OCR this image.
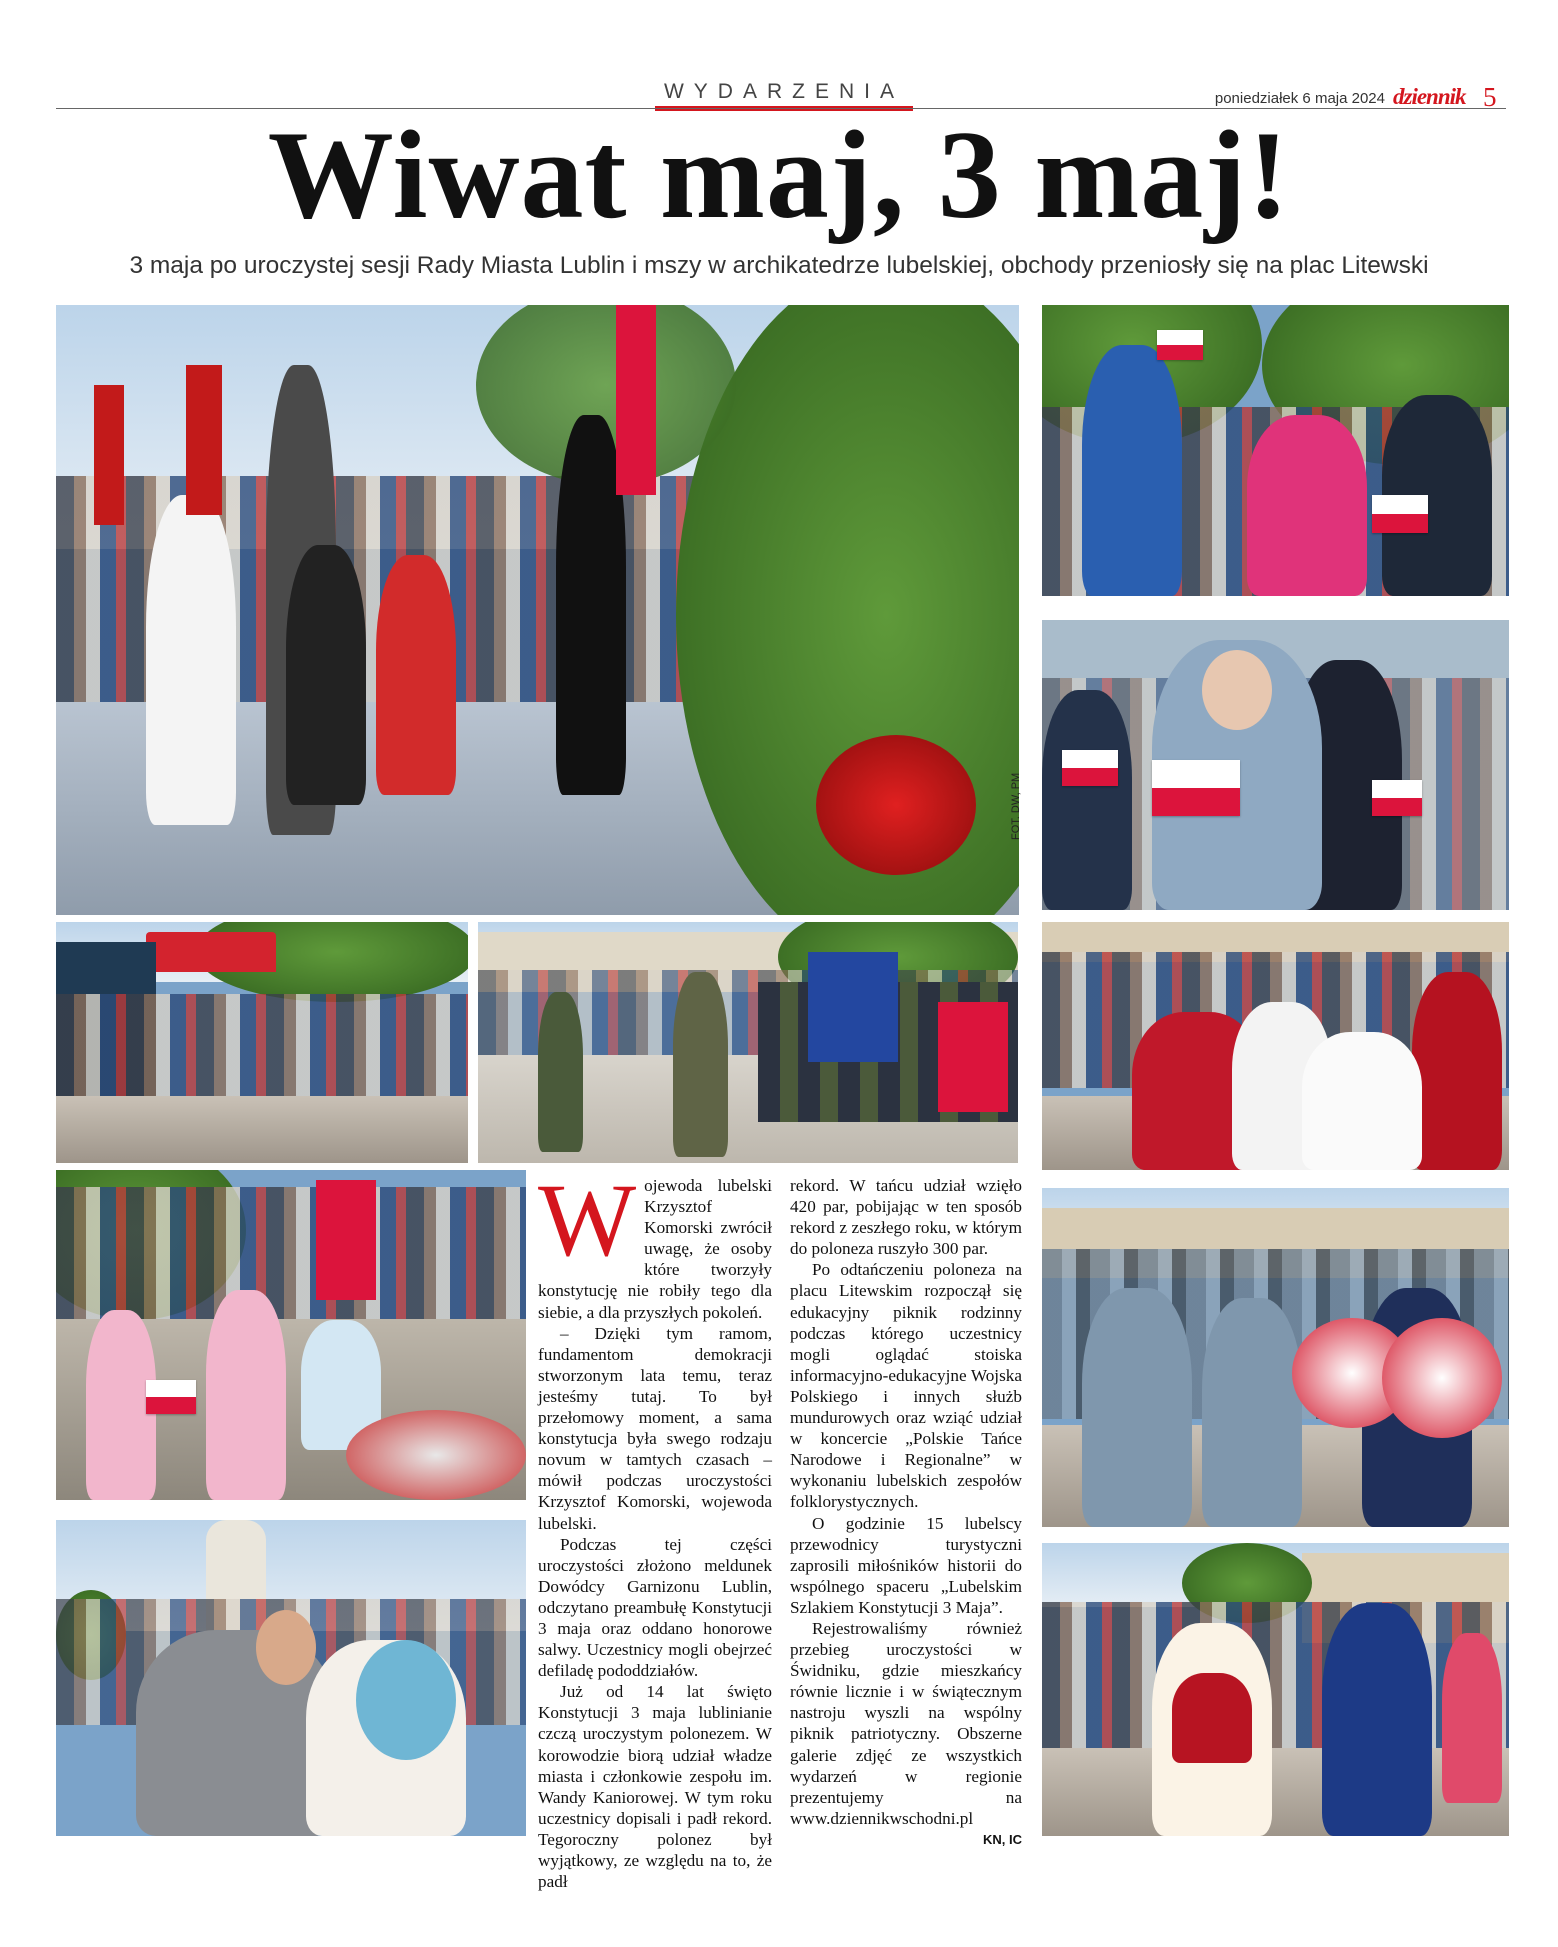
WYDARZENIA	poniedziałek 6 maja 2024 dziennik 5
Wiwat maj, 3 maj!
3 maja po uroczystej sesji Rady Miasta Lublin i mszy w archikatedrze lubelskiej, obchody przeniosły się na plac Litewski
FOT. DW, PM
W ojewoda lubelski Krzysztof Komorski zwrócił uwagę, że osoby które tworzyły konstytucję nie robiły tego dla siebie, a dla przyszłych pokoleń.

– Dzięki tym ramom, fundamentom demokracji stworzonym lata temu, teraz jesteśmy tutaj. To był przełomowy moment, a sama konstytucja była swego rodzaju novum w tamtych czasach – mówił podczas uroczystości Krzysztof Komorski, wojewoda lubelski.

Podczas tej części uroczystości złożono meldunek Dowódcy Garnizonu Lublin, odczytano preambułę Konstytucji 3 maja oraz oddano honorowe salwy. Uczestnicy mogli obejrzeć defiladę pododdziałów.

Już od 14 lat święto Konstytucji 3 maja lublinianie czczą uroczystym polonezem. W korowodzie biorą udział władze miasta i członkowie zespołu im. Wandy Kaniorowej. W tym roku uczestnicy dopisali i padł rekord. Tegoroczny polonez był wyjątkowy, ze względu na to, że padł

rekord. W tańcu udział wzięło 420 par, pobijając w ten sposób rekord z zeszłego roku, w którym do poloneza ruszyło 300 par.

Po odtańczeniu poloneza na placu Litewskim rozpoczął się edukacyjny piknik rodzinny podczas którego uczestnicy mogli oglądać stoiska informacyjno-edukacyjne Wojska Polskiego i innych służb mundurowych oraz wziąć udział w koncercie „Polskie Tańce Narodowe i Regionalne” w wykonaniu lubelskich zespołów folklorystycznych.

O godzinie 15 lubelscy przewodnicy turystyczni zaprosili miłośników historii do wspólnego spaceru „Lubelskim Szlakiem Konstytucji 3 Maja”.

Rejestrowaliśmy również przebieg uroczystości w Świdniku, gdzie mieszkańcy równie licznie i w świątecznym nastroju wyszli na wspólny piknik patriotyczny. Obszerne galerie zdjęć ze wszystkich wydarzeń w regionie prezentujemy na www.dziennikwschodni.pl

KN, IC
